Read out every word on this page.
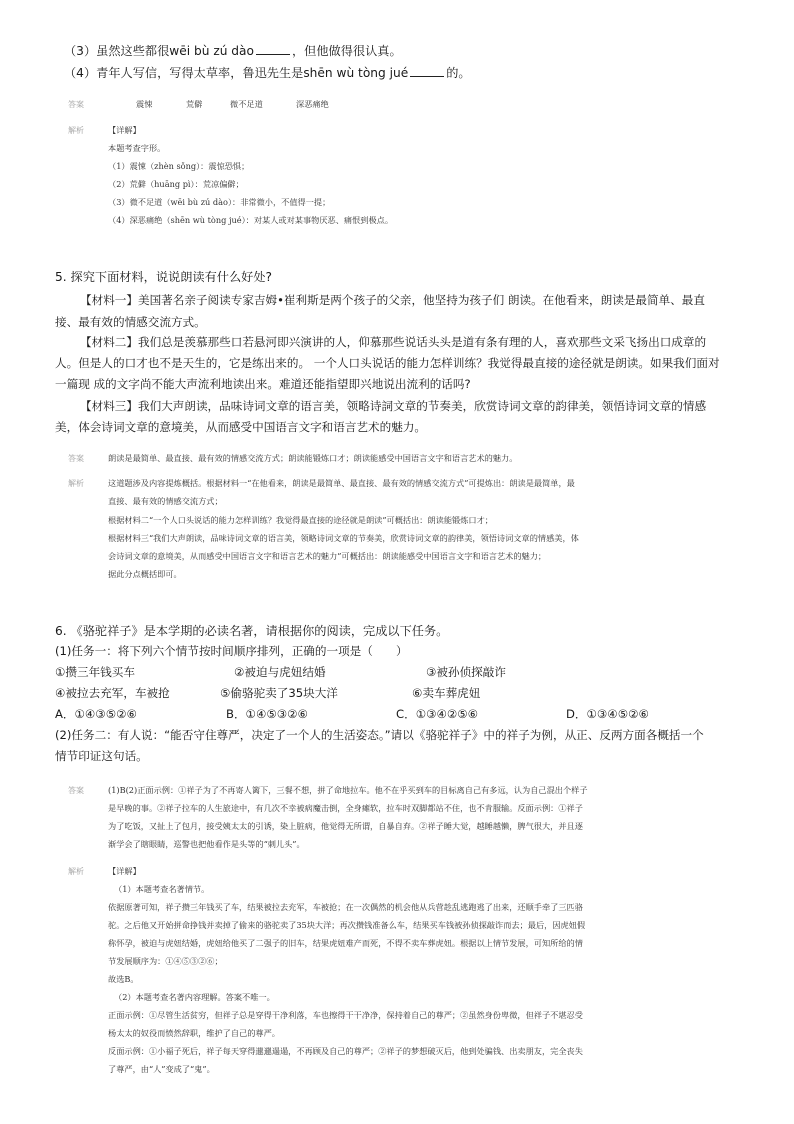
（3）虽然这些都很wēi bù zú dào	，但他做得很认真。
（4）青年人写信，写得太草率，鲁迅先生是shēn wù tòng jué	的。
答案	震悚	荒僻	微不足道	深恶痛绝
解析	【详解】
本题考查字形。
（1）震悚（zhèn sǒng）：震惊恐惧；
（2）荒僻（huāng pì）：荒凉偏僻；
（3）微不足道（wēi bù zú dào）：非常微小，不值得一提；
（4）深恶痛绝（shēn wù tòng jué）：对某人或对某事物厌恶、痛恨到极点。
5. 探究下面材料，说说朗读有什么好处?
【材料一】美国著名亲子阅读专家吉姆•崔利斯是两个孩子的父亲，他坚持为孩子们 朗读。在他看来，朗读是最简单、最直
接、最有效的情感交流方式。
【材料二】我们总是羡慕那些口若悬河即兴演讲的人，仰慕那些说话头头是道有条有理的人，喜欢那些文采飞扬出口成章的
人。但是人的口才也不是天生的，它是练出来的。 一个人口头说话的能力怎样训练？我觉得最直接的途径就是朗读。如果我们面对
一篇现 成的文字尚不能大声流利地读出来。难道还能指望即兴地说出流利的话吗?
【材料三】我们大声朗读，品味诗词文章的语言美，领略诗詞文章的节奏美，欣赏诗词文章的韵律美，领悟诗词文章的情感
美，体会诗词文章的意境美，从而感受中国语言文字和语言艺术的魅力。
答案	朗读是最简单、最直接、最有效的情感交流方式；朗读能锻炼口才；朗读能感受中国语言文字和语言艺术的魅力。
解析	这道题涉及内容提炼概括。根据材料一“在他看来，朗读是最简单、最直接、最有效的情感交流方式”可提炼出：朗读是最简单，最
直接、最有效的情感交流方式；
根据材料二“一个人口头说话的能力怎样训练？我觉得最直接的途径就是朗读”可概括出：朗读能锻炼口才；
根据材料三“我们大声朗读，品味诗词文章的语言美，领略诗词文章的节奏美，欣赏诗词文章的韵律美，领悟诗词文章的情感美，体
会诗词文章的意境美，从而感受中国语言文字和语言艺术的魅力”可概括出：朗读能感受中国语言文字和语言艺术的魅力；
据此分点概括即可。
6. 《骆驼祥子》是本学期的必读名著，请根据你的阅读，完成以下任务。
(1)任务一：将下列六个情节按时间顺序排列，正确的一项是（　　）
①攒三年钱买车	②被迫与虎妞结婚	③被孙侦探敲诈
④被拉去充军，车被抢	⑤偷骆驼卖了35块大洋	⑥卖车葬虎妞
A．①④③⑤②⑥	B．①④⑤③②⑥	C．①③④②⑤⑥	D．①③④⑤②⑥
(2)任务二：有人说：“能否守住尊严，决定了一个人的生活姿态。”请以《骆驼祥子》中的祥子为例，从正、反两方面各概括一个
情节印证这句话。
答案	(1)B(2)正面示例：①祥子为了不再寄人篱下，三餐不想，拼了命地拉车。他不在乎买到车的目标离自己有多远，认为自己混出个样子
是早晚的事。②祥子拉车的人生旅途中，有几次不幸被病魔击倒，全身瘫软，拉车时双脚都站不住，也不肯服输。反面示例：①祥子
为了吃饭，又扯上了包月，接受姨太太的引诱，染上脏病，他觉得无所谓，自暴自弃。②祥子睡大觉，越睡越懒，脾气很大，并且逐
渐学会了瞎眼睛，巡警也把他看作是头等的“刺儿头”。
解析	【详解】
（1）本题考查名著情节。
依据原著可知，祥子攒三年钱买了车，结果被拉去充军，车被抢；在一次偶然的机会他从兵营趁乱逃跑逃了出来，还顺手牵了三匹骆
驼。之后他又开始拼命挣钱并卖掉了偷来的骆驼卖了35块大洋；再次攒钱准备么车，结果买车钱被孙侦探敲诈而去；最后，因虎妞假
称怀孕，被迫与虎妞结婚，虎妞给他买了二强子的旧车，结果虎妞难产而死，不得不卖车葬虎妞。根据以上情节发展，可知所给的情
节发展顺序为：①④⑤③②⑥；
故选B。
（2）本题考查名著内容理解。答案不唯一。
正面示例：①尽管生活贫穷，但祥子总是穿得干净利落，车也擦得干干净净，保持着自己的尊严；②虽然身份卑微，但祥子不堪忍受
杨太太的奴役而愤然辞职，维护了自己的尊严。
反面示例：①小福子死后，祥子每天穿得邋邋遢遢，不再顾及自己的尊严；②祥子的梦想破灭后，他到处骗钱、出卖朋友，完全丧失
了尊严，由“人”变成了“鬼”。
